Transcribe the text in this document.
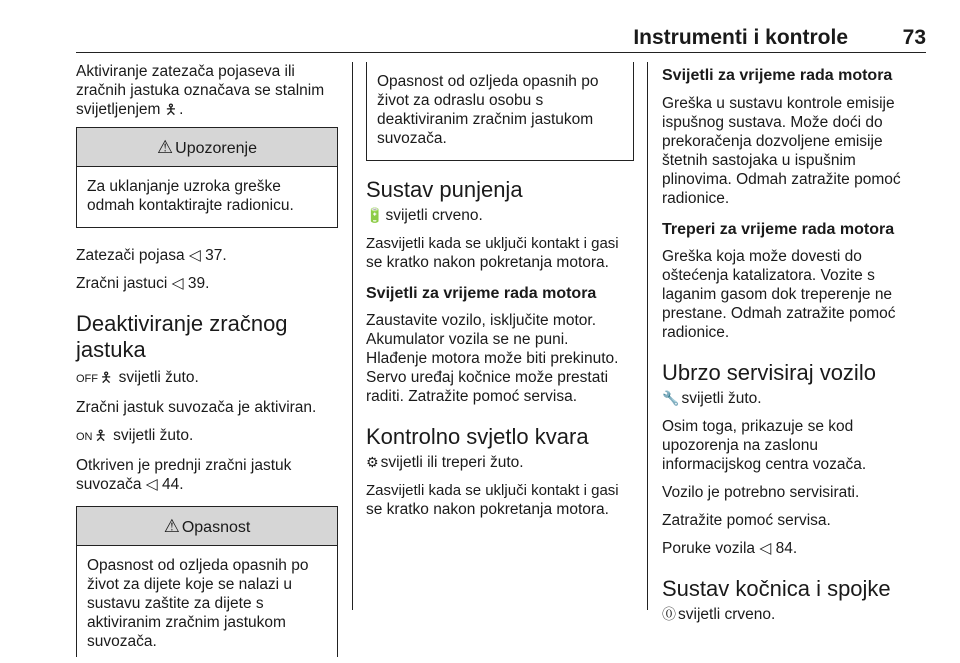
Instrumenti i kontrole	73

Aktiviranje zatezača pojaseva ili

zračnih jastuka označava se stalnim

svijetljenjem 🯅 .

⚠ Upozorenje

Za uklanjanje uzroka greške

odmah kontaktirajte radionicu.

Zatezači pojasa ◁ 37.

Zračni jastuci ◁ 39.

Deaktiviranje zračnog
jastuka

OFF 🯅 svijetli žuto.

Zračni jastuk suvozača je aktiviran.

ON 🯅 svijetli žuto.

Otkriven je prednji zračni jastuk

suvozača ◁ 44.

⚠ Opasnost

Opasnost od ozljeda opasnih po

život za dijete koje se nalazi u

sustavu zaštite za dijete s

aktiviranim zračnim jastukom

suvozača.

Opasnost od ozljeda opasnih po

život za odraslu osobu s

deaktiviranim zračnim jastukom

suvozača.

Sustav punjenja

🔋 svijetli crveno.

Zasvijetli kada se uključi kontakt i gasi

se kratko nakon pokretanja motora.

Svijetli za vrijeme rada motora

Zaustavite vozilo, isključite motor.

Akumulator vozila se ne puni.

Hlađenje motora može biti prekinuto.

Servo uređaj kočnice može prestati

raditi. Zatražite pomoć servisa.

Kontrolno svjetlo kvara

⚙ svijetli ili treperi žuto.

Zasvijetli kada se uključi kontakt i gasi

se kratko nakon pokretanja motora.

Svijetli za vrijeme rada motora

Greška u sustavu kontrole emisije

ispušnog sustava. Može doći do

prekoračenja dozvoljene emisije

štetnih sastojaka u ispušnim

plinovima. Odmah zatražite pomoć

radionice.

Treperi za vrijeme rada motora

Greška koja može dovesti do

oštećenja katalizatora. Vozite s

laganim gasom dok treperenje ne

prestane. Odmah zatražite pomoć

radionice.

Ubrzo servisiraj vozilo

🔧 svijetli žuto.

Osim toga, prikazuje se kod

upozorenja na zaslonu

informacijskog centra vozača.

Vozilo je potrebno servisirati.

Zatražite pomoć servisa.

Poruke vozila ◁ 84.

Sustav kočnica i spojke

⓪ svijetli crveno.
